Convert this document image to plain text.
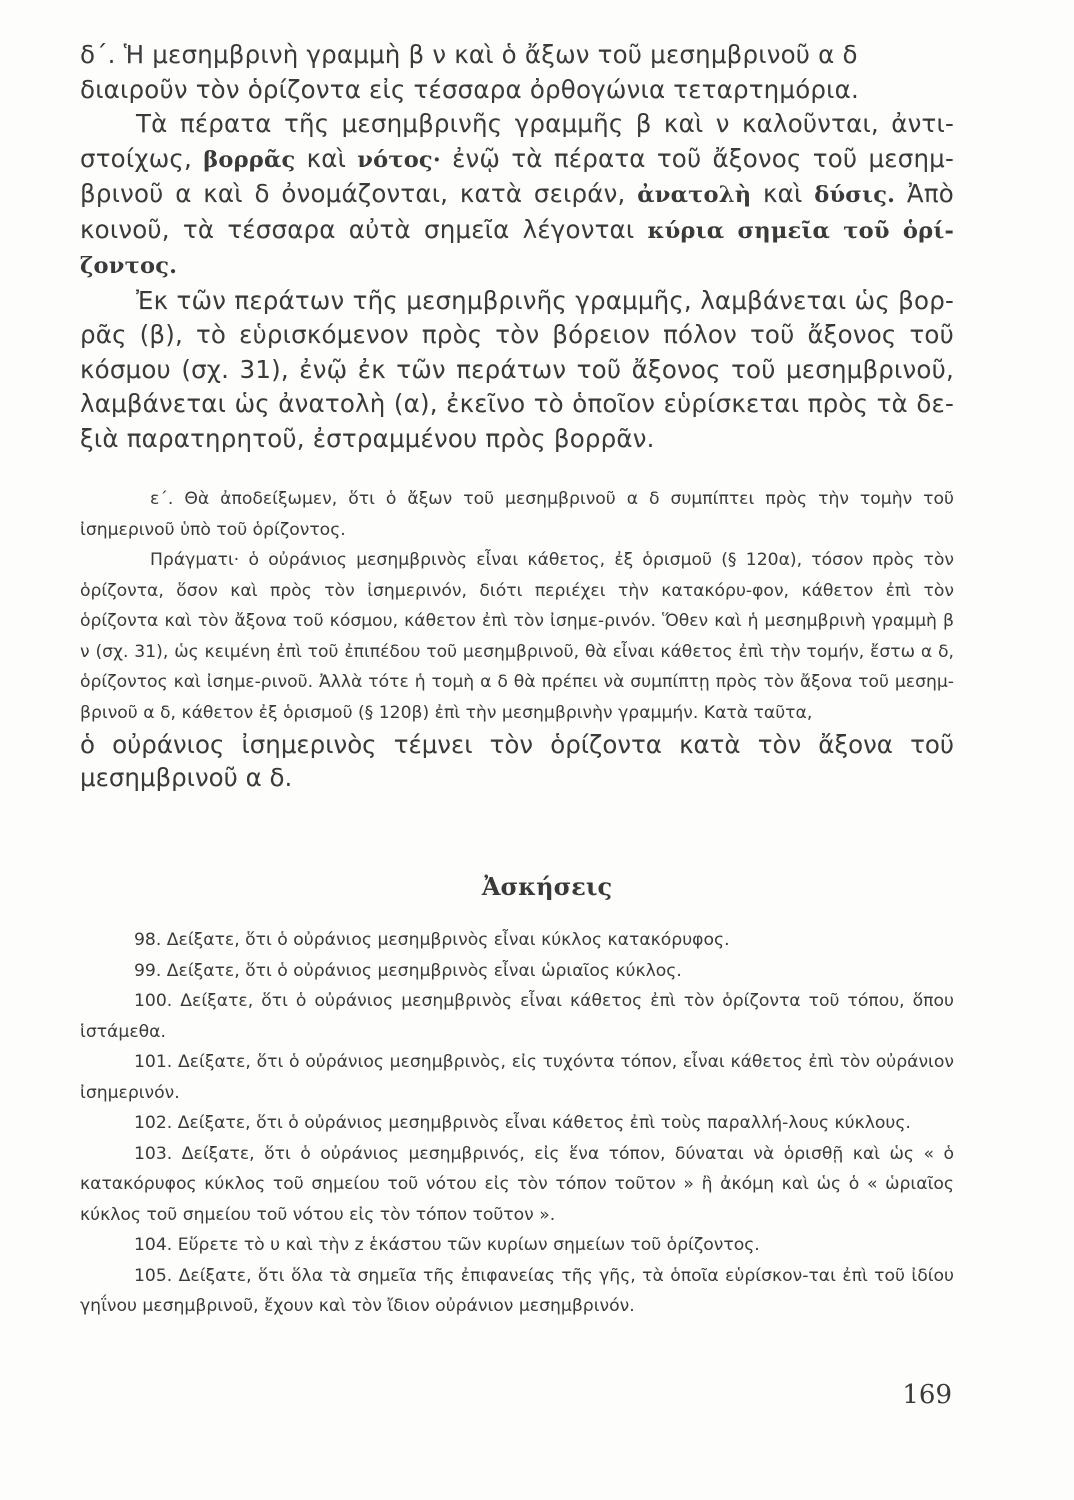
δ΄. Ἡ μεσημβρινὴ γραμμὴ β ν καὶ ὁ ἄξων τοῦ μεσημβρινοῦ α δ

διαιροῦν τὸν ὁρίζοντα εἰς τέσσαρα ὀρθογώνια τεταρτημόρια.

Τὰ πέρατα τῆς μεσημβρινῆς γραμμῆς β καὶ ν καλοῦνται, ἀντι-στοίχως, βορρᾶς καὶ νότος· ἐνῷ τὰ πέρατα τοῦ ἄξονος τοῦ μεσημ-βρινοῦ α καὶ δ ὀνομάζονται, κατὰ σειράν, ἀνατολὴ καὶ δύσις. Ἀπὸ κοινοῦ, τὰ τέσσαρα αὐτὰ σημεῖα λέγονται κύρια σημεῖα τοῦ ὁρί-ζοντος.

Ἐκ τῶν περάτων τῆς μεσημβρινῆς γραμμῆς, λαμβάνεται ὡς βορ-ρᾶς (β), τὸ εὑρισκόμενον πρὸς τὸν βόρειον πόλον τοῦ ἄξονος τοῦ κόσμου (σχ. 31), ἐνῷ ἐκ τῶν περάτων τοῦ ἄξονος τοῦ μεσημβρινοῦ, λαμβάνεται ὡς ἀνατολὴ (α), ἐκεῖνο τὸ ὁποῖον εὑρίσκεται πρὸς τὰ δε-ξιὰ παρατηρητοῦ, ἐστραμμένου πρὸς βορρᾶν.

ε΄. Θὰ ἀποδείξωμεν, ὅτι ὁ ἄξων τοῦ μεσημβρινοῦ α δ συμπίπτει πρὸς τὴν τομὴν τοῦ ἰσημερινοῦ ὑπὸ τοῦ ὁρίζοντος.

Πράγματι· ὁ οὐράνιος μεσημβρινὸς εἶναι κάθετος, ἐξ ὁρισμοῦ (§ 120α), τόσον πρὸς τὸν ὁρίζοντα, ὅσον καὶ πρὸς τὸν ἰσημερινόν, διότι περιέχει τὴν κατακόρυ-φον, κάθετον ἐπὶ τὸν ὁρίζοντα καὶ τὸν ἄξονα τοῦ κόσμου, κάθετον ἐπὶ τὸν ἰσημε-ρινόν. Ὅθεν καὶ ἡ μεσημβρινὴ γραμμὴ β ν (σχ. 31), ὡς κειμένη ἐπὶ τοῦ ἐπιπέδου τοῦ μεσημβρινοῦ, θὰ εἶναι κάθετος ἐπὶ τὴν τομήν, ἔστω α δ, ὁρίζοντος καὶ ἰσημε-ρινοῦ. Ἀλλὰ τότε ἡ τομὴ α δ θὰ πρέπει νὰ συμπίπτῃ πρὸς τὸν ἄξονα τοῦ μεσημ-βρινοῦ α δ, κάθετον ἐξ ὁρισμοῦ (§ 120β) ἐπὶ τὴν μεσημβρινὴν γραμμήν. Κατὰ ταῦτα,

ὁ οὐράνιος ἰσημερινὸς τέμνει τὸν ὁρίζοντα κατὰ τὸν ἄξονα τοῦ μεσημβρινοῦ α δ.

Ἀσκήσεις

98. Δείξατε, ὅτι ὁ οὐράνιος μεσημβρινὸς εἶναι κύκλος κατακόρυφος.

99. Δείξατε, ὅτι ὁ οὐράνιος μεσημβρινὸς εἶναι ὡριαῖος κύκλος.

100. Δείξατε, ὅτι ὁ οὐράνιος μεσημβρινὸς εἶναι κάθετος ἐπὶ τὸν ὁρίζοντα τοῦ τόπου, ὅπου ἱστάμεθα.

101. Δείξατε, ὅτι ὁ οὐράνιος μεσημβρινὸς, εἰς τυχόντα τόπον, εἶναι κάθετος ἐπὶ τὸν οὐράνιον ἰσημερινόν.

102. Δείξατε, ὅτι ὁ οὐράνιος μεσημβρινὸς εἶναι κάθετος ἐπὶ τοὺς παραλλή-λους κύκλους.

103. Δείξατε, ὅτι ὁ οὐράνιος μεσημβρινός, εἰς ἕνα τόπον, δύναται νὰ ὁρισθῇ καὶ ὡς « ὁ κατακόρυφος κύκλος τοῦ σημείου τοῦ νότου εἰς τὸν τόπον τοῦτον » ἢ ἀκόμη καὶ ὡς ὁ « ὡριαῖος κύκλος τοῦ σημείου τοῦ νότου εἰς τὸν τόπον τοῦτον ».

104. Εὕρετε τὸ υ καὶ τὴν z ἑκάστου τῶν κυρίων σημείων τοῦ ὁρίζοντος.

105. Δείξατε, ὅτι ὅλα τὰ σημεῖα τῆς ἐπιφανείας τῆς γῆς, τὰ ὁποῖα εὑρίσκον-ται ἐπὶ τοῦ ἰδίου γηΐνου μεσημβρινοῦ, ἔχουν καὶ τὸν ἴδιον οὐράνιον μεσημβρινόν.

169
